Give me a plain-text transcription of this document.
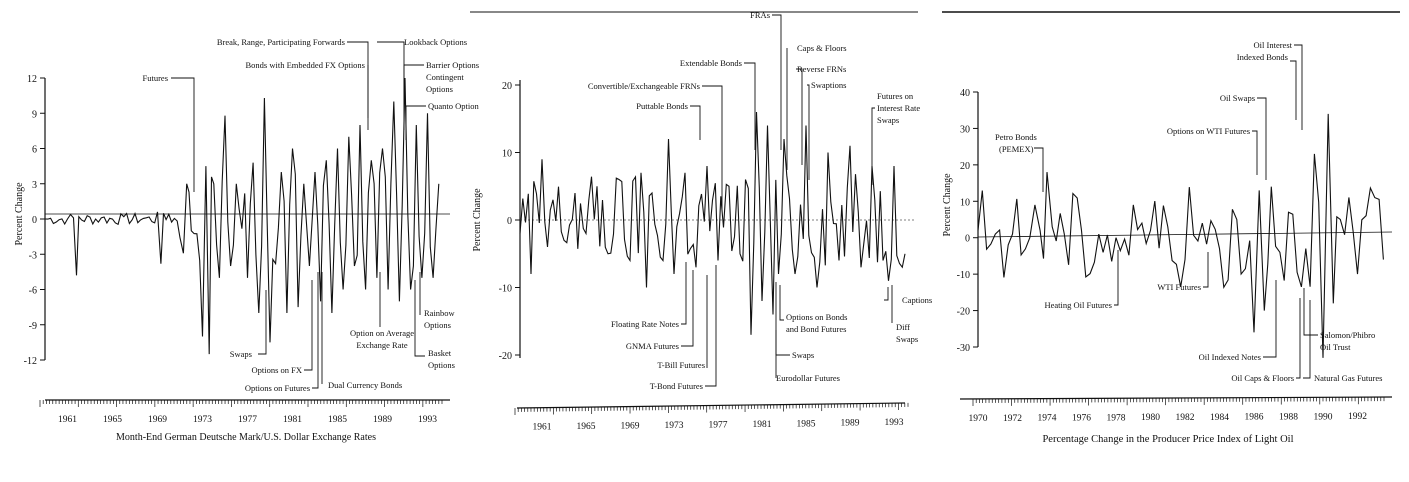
12
9
6
3
0
-3
-6
-9
-12
Percent Change
1961	1965	1969	1973	1977	1981	1985	1989	1993
Month-End German Deutsche Mark/U.S. Dollar Exchange Rates
Futures
Break, Range, Participating Forwards
Bonds with Embedded FX Options
Lookback Options
Barrier Options
Contingent
Options
Quanto Option
Swaps
Options on FX
Options on Futures Dual Currency Bonds
Option on Average
Exchange Rate
Rainbow
Options
Basket
Options
20
10
0
-10
-20
Percent Change
1961	1965	1969	1973	1977	1981	1985	1989	1993
FRAs
Caps & Floors
Extendable Bonds
Reverse FRNs
Convertible/Exchangeable FRNs	Swaptions
Puttable Bonds
Futures on
Interest Rate
Swaps
Floating Rate Notes
GNMA Futures
T-Bill Futures
T-Bond Futures
Options on Bonds
and Bond Futures
Swaps
Eurodollar Futures
Captions
Diff
Swaps
40
30
20
10
0
-10
-20
-30
Percent Change
1970 1972 1974 1976 1978 1980 1982 1984 1986 1988 1990 1992
Percentage Change in the Producer Price Index of Light Oil
Oil Interest
Indexed Bonds
Oil Swaps
Petro Bonds
(PEMEX)
Options on WTI Futures
Heating Oil Futures
WTI Futures
Salomon/Phibro
Oil Trust
Oil Indexed Notes
Oil Caps & Floors Natural Gas Futures
